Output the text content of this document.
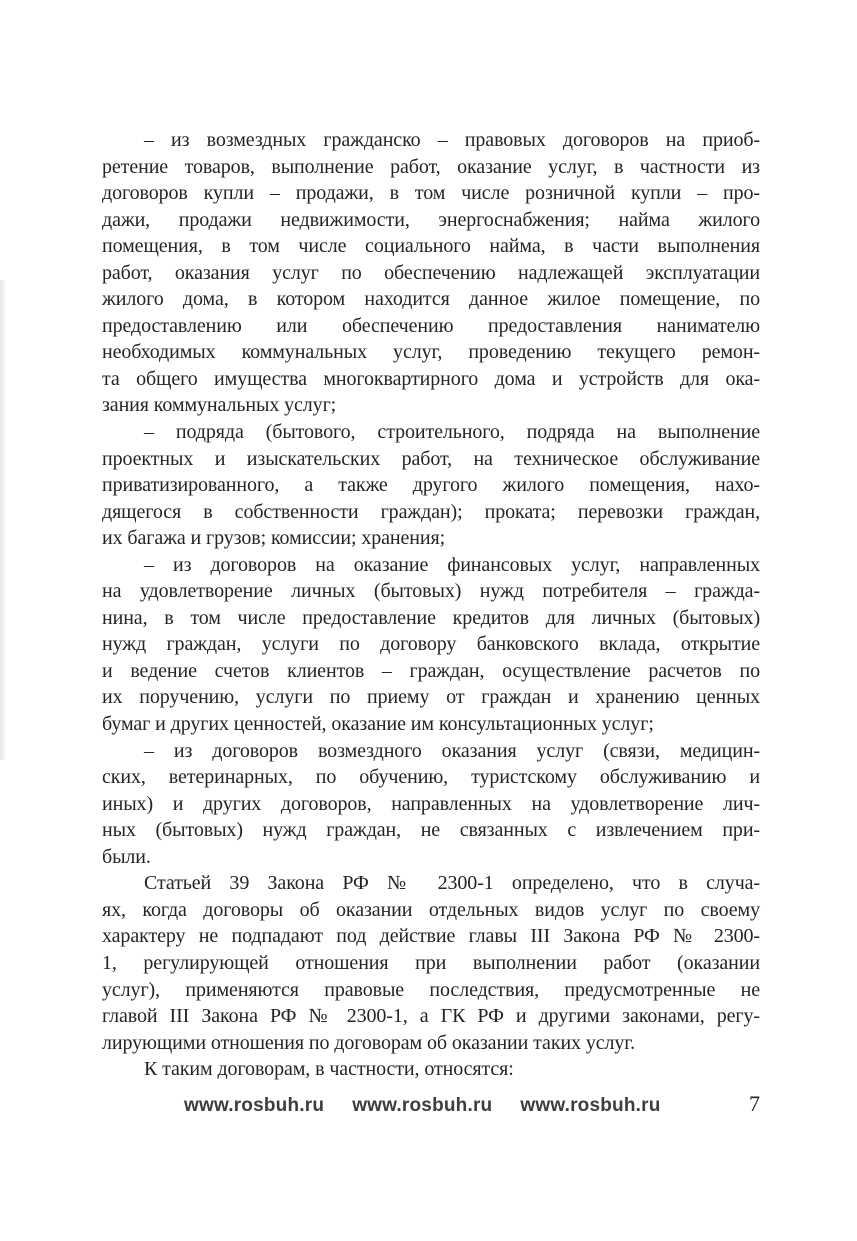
– из возмездных гражданско – правовых договоров на приоб-
ретение товаров, выполнение работ, оказание услуг, в частности из
договоров купли – продажи, в том числе розничной купли – про-
дажи, продажи недвижимости, энергоснабжения; найма жилого
помещения, в том числе социального найма, в части выполнения
работ, оказания услуг по обеспечению надлежащей эксплуатации
жилого дома, в котором находится данное жилое помещение, по
предоставлению или обеспечению предоставления нанимателю
необходимых коммунальных услуг, проведению текущего ремон-
та общего имущества многоквартирного дома и устройств для ока-
зания коммунальных услуг;
– подряда (бытового, строительного, подряда на выполнение
проектных и изыскательских работ, на техническое обслуживание
приватизированного, а также другого жилого помещения, нахо-
дящегося в собственности граждан); проката; перевозки граждан,
их багажа и грузов; комиссии; хранения;
– из договоров на оказание финансовых услуг, направленных
на удовлетворение личных (бытовых) нужд потребителя – гражда-
нина, в том числе предоставление кредитов для личных (бытовых)
нужд граждан, услуги по договору банковского вклада, открытие
и ведение счетов клиентов – граждан, осуществление расчетов по
их поручению, услуги по приему от граждан и хранению ценных
бумаг и других ценностей, оказание им консультационных услуг;
– из договоров возмездного оказания услуг (связи, медицин-
ских, ветеринарных, по обучению, туристскому обслуживанию и
иных) и других договоров, направленных на удовлетворение лич-
ных (бытовых) нужд граждан, не связанных с извлечением при-
были.
Статьей 39 Закона РФ № 2300-1 определено, что в случа-
ях, когда договоры об оказании отдельных видов услуг по своему
характеру не подпадают под действие главы III Закона РФ № 2300-
1, регулирующей отношения при выполнении работ (оказании
услуг), применяются правовые последствия, предусмотренные не
главой III Закона РФ № 2300-1, а ГК РФ и другими законами, регу-
лирующими отношения по договорам об оказании таких услуг.
К таким договорам, в частности, относятся:
www.rosbuh.ru www.rosbuh.ru www.rosbuh.ru	7
